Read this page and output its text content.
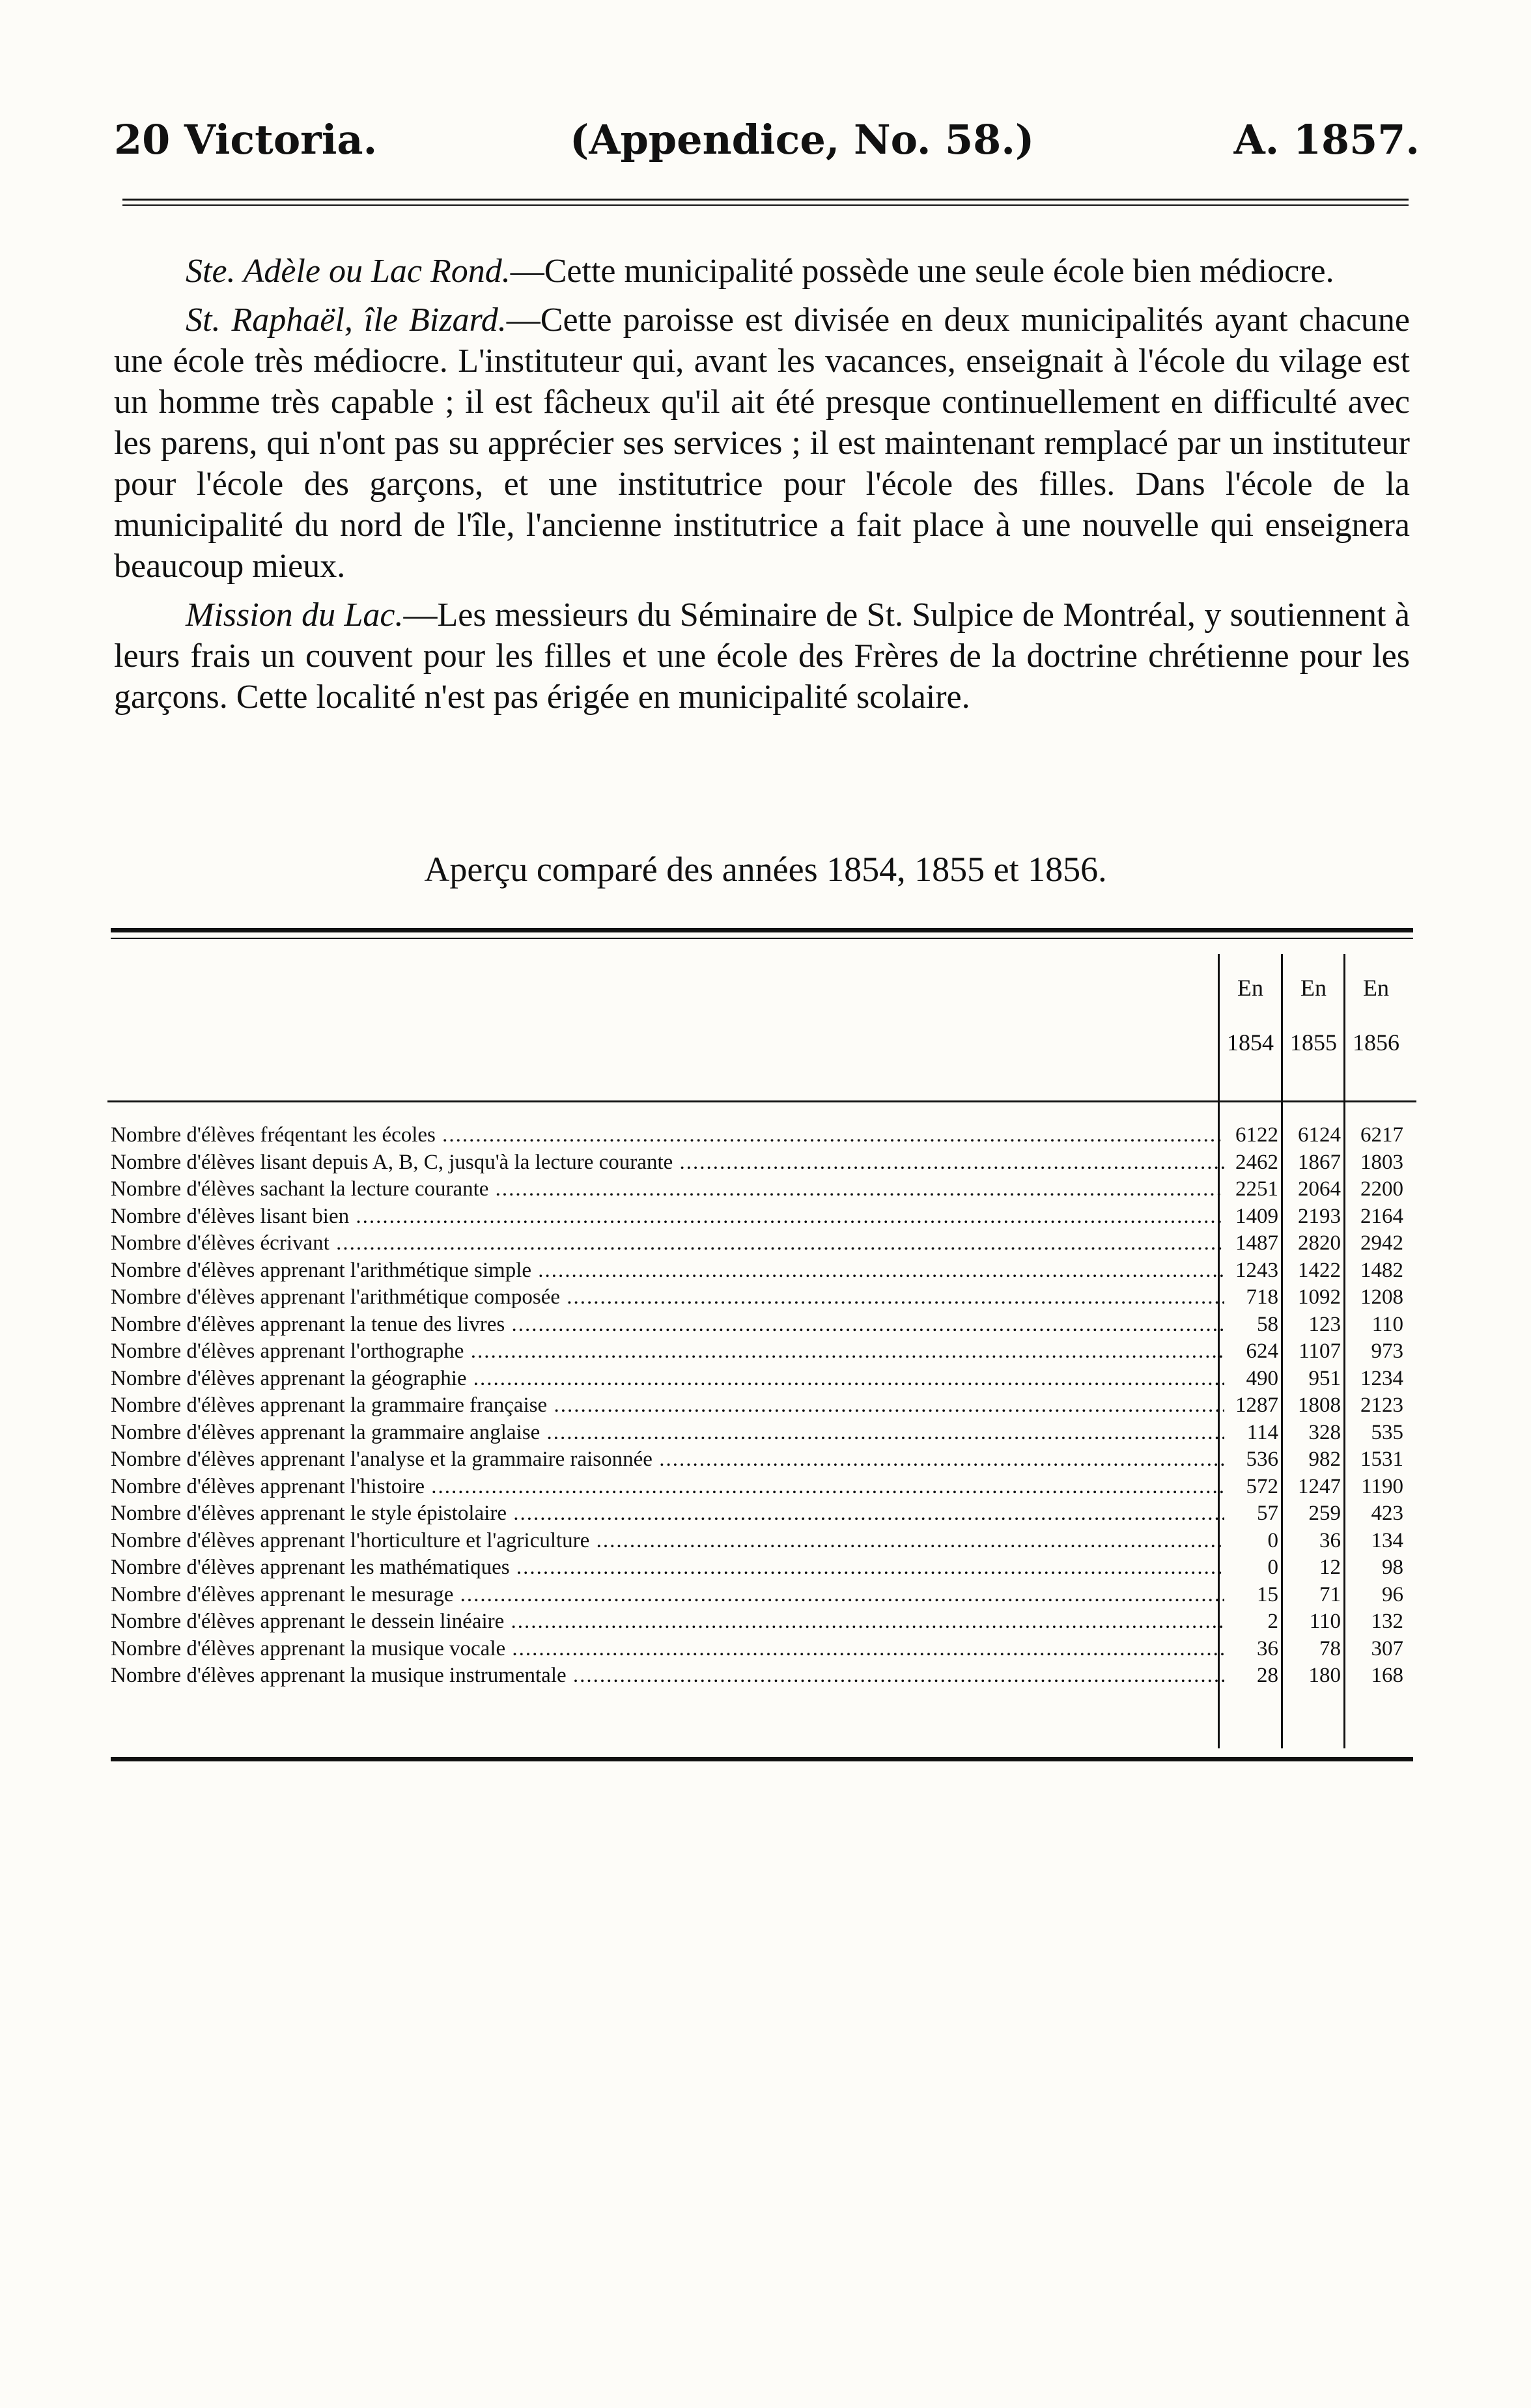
20 Victoria.	(Appendice, No. 58.)	A. 1857.

Ste. Adèle ou Lac Rond.—Cette municipalité possède une seule école bien médiocre.

St. Raphaël, île Bizard.—Cette paroisse est divisée en deux municipalités ayant chacune une école très médiocre. L'instituteur qui, avant les vacances, enseignait à l'école du vilage est un homme très capable ; il est fâcheux qu'il ait été presque continuellement en difficulté avec les parens, qui n'ont pas su apprécier ses services ; il est maintenant remplacé par un instituteur pour l'école des garçons, et une institutrice pour l'école des filles. Dans l'école de la municipalité du nord de l'île, l'ancienne institutrice a fait place à une nouvelle qui enseignera beaucoup mieux.

Mission du Lac.—Les messieurs du Séminaire de St. Sulpice de Montréal, y soutiennent à leurs frais un couvent pour les filles et une école des Frères de la doctrine chrétienne pour les garçons. Cette localité n'est pas érigée en municipalité scolaire.

Aperçu comparé des années 1854, 1855 et 1856.
En
1854
En
1855
En
1856
Nombre d'élèves fréqentant les écoles .....	6122 6124 6217
Nombre d'élèves lisant depuis A, B, C, jusqu'à la lecture courante .....	2462 1867 1803
Nombre d'élèves sachant la lecture courante .....	2251 2064 2200
Nombre d'élèves lisant bien .....	1409 2193 2164
Nombre d'élèves écrivant .....	1487 2820 2942
Nombre d'élèves apprenant l'arithmétique simple .....	1243 1422 1482
Nombre d'élèves apprenant l'arithmétique composée .....	718 1092 1208
Nombre d'élèves apprenant la tenue des livres .....	58	123	110
Nombre d'élèves apprenant l'orthographe .....	624 1107	973
Nombre d'élèves apprenant la géographie .....	490	951 1234
Nombre d'élèves apprenant la grammaire française .....	1287 1808 2123
Nombre d'élèves apprenant la grammaire anglaise .....	114	328	535
Nombre d'élèves apprenant l'analyse et la grammaire raisonnée .....	536	982 1531
Nombre d'élèves apprenant l'histoire .....	572 1247 1190
Nombre d'élèves apprenant le style épistolaire .....	57	259	423
Nombre d'élèves apprenant l'horticulture et l'agriculture .....	0	36	134
Nombre d'élèves apprenant les mathématiques .....	0	12	98
Nombre d'élèves apprenant le mesurage .....	15	71	96
Nombre d'élèves apprenant le dessein linéaire .....	2	110	132
Nombre d'élèves apprenant la musique vocale .....	36	78	307
Nombre d'élèves apprenant la musique instrumentale .....	28	180	168
